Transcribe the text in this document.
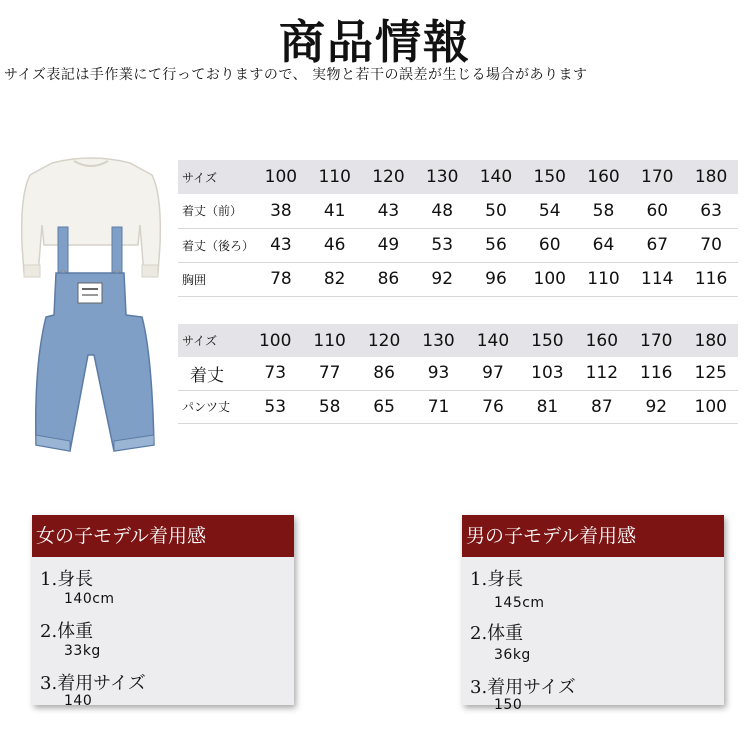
商品情報
サイズ表記は手作業にて行っておりますので、 実物と若干の誤差が生じる場合があります
サイズ	100	110	120	130	140	150	160	170	180
着丈（前）	38	41	43	48	50	54	58	60	63
着丈（後ろ）	43	46	49	53	56	60	64	67	70
胸囲	78	82	86	92	96	100	110	114	116
サイズ	100	110	120	130	140	150	160	170	180
着丈	73	77	86	93	97	103	112	116	125
パンツ丈	53	58	65	71	76	81	87	92	100
女の子モデル着用感
1.身長
140cm
2.体重
33kg
3.着用サイズ
140
男の子モデル着用感
1.身長
145cm
2.体重
36kg
3.着用サイズ
150
